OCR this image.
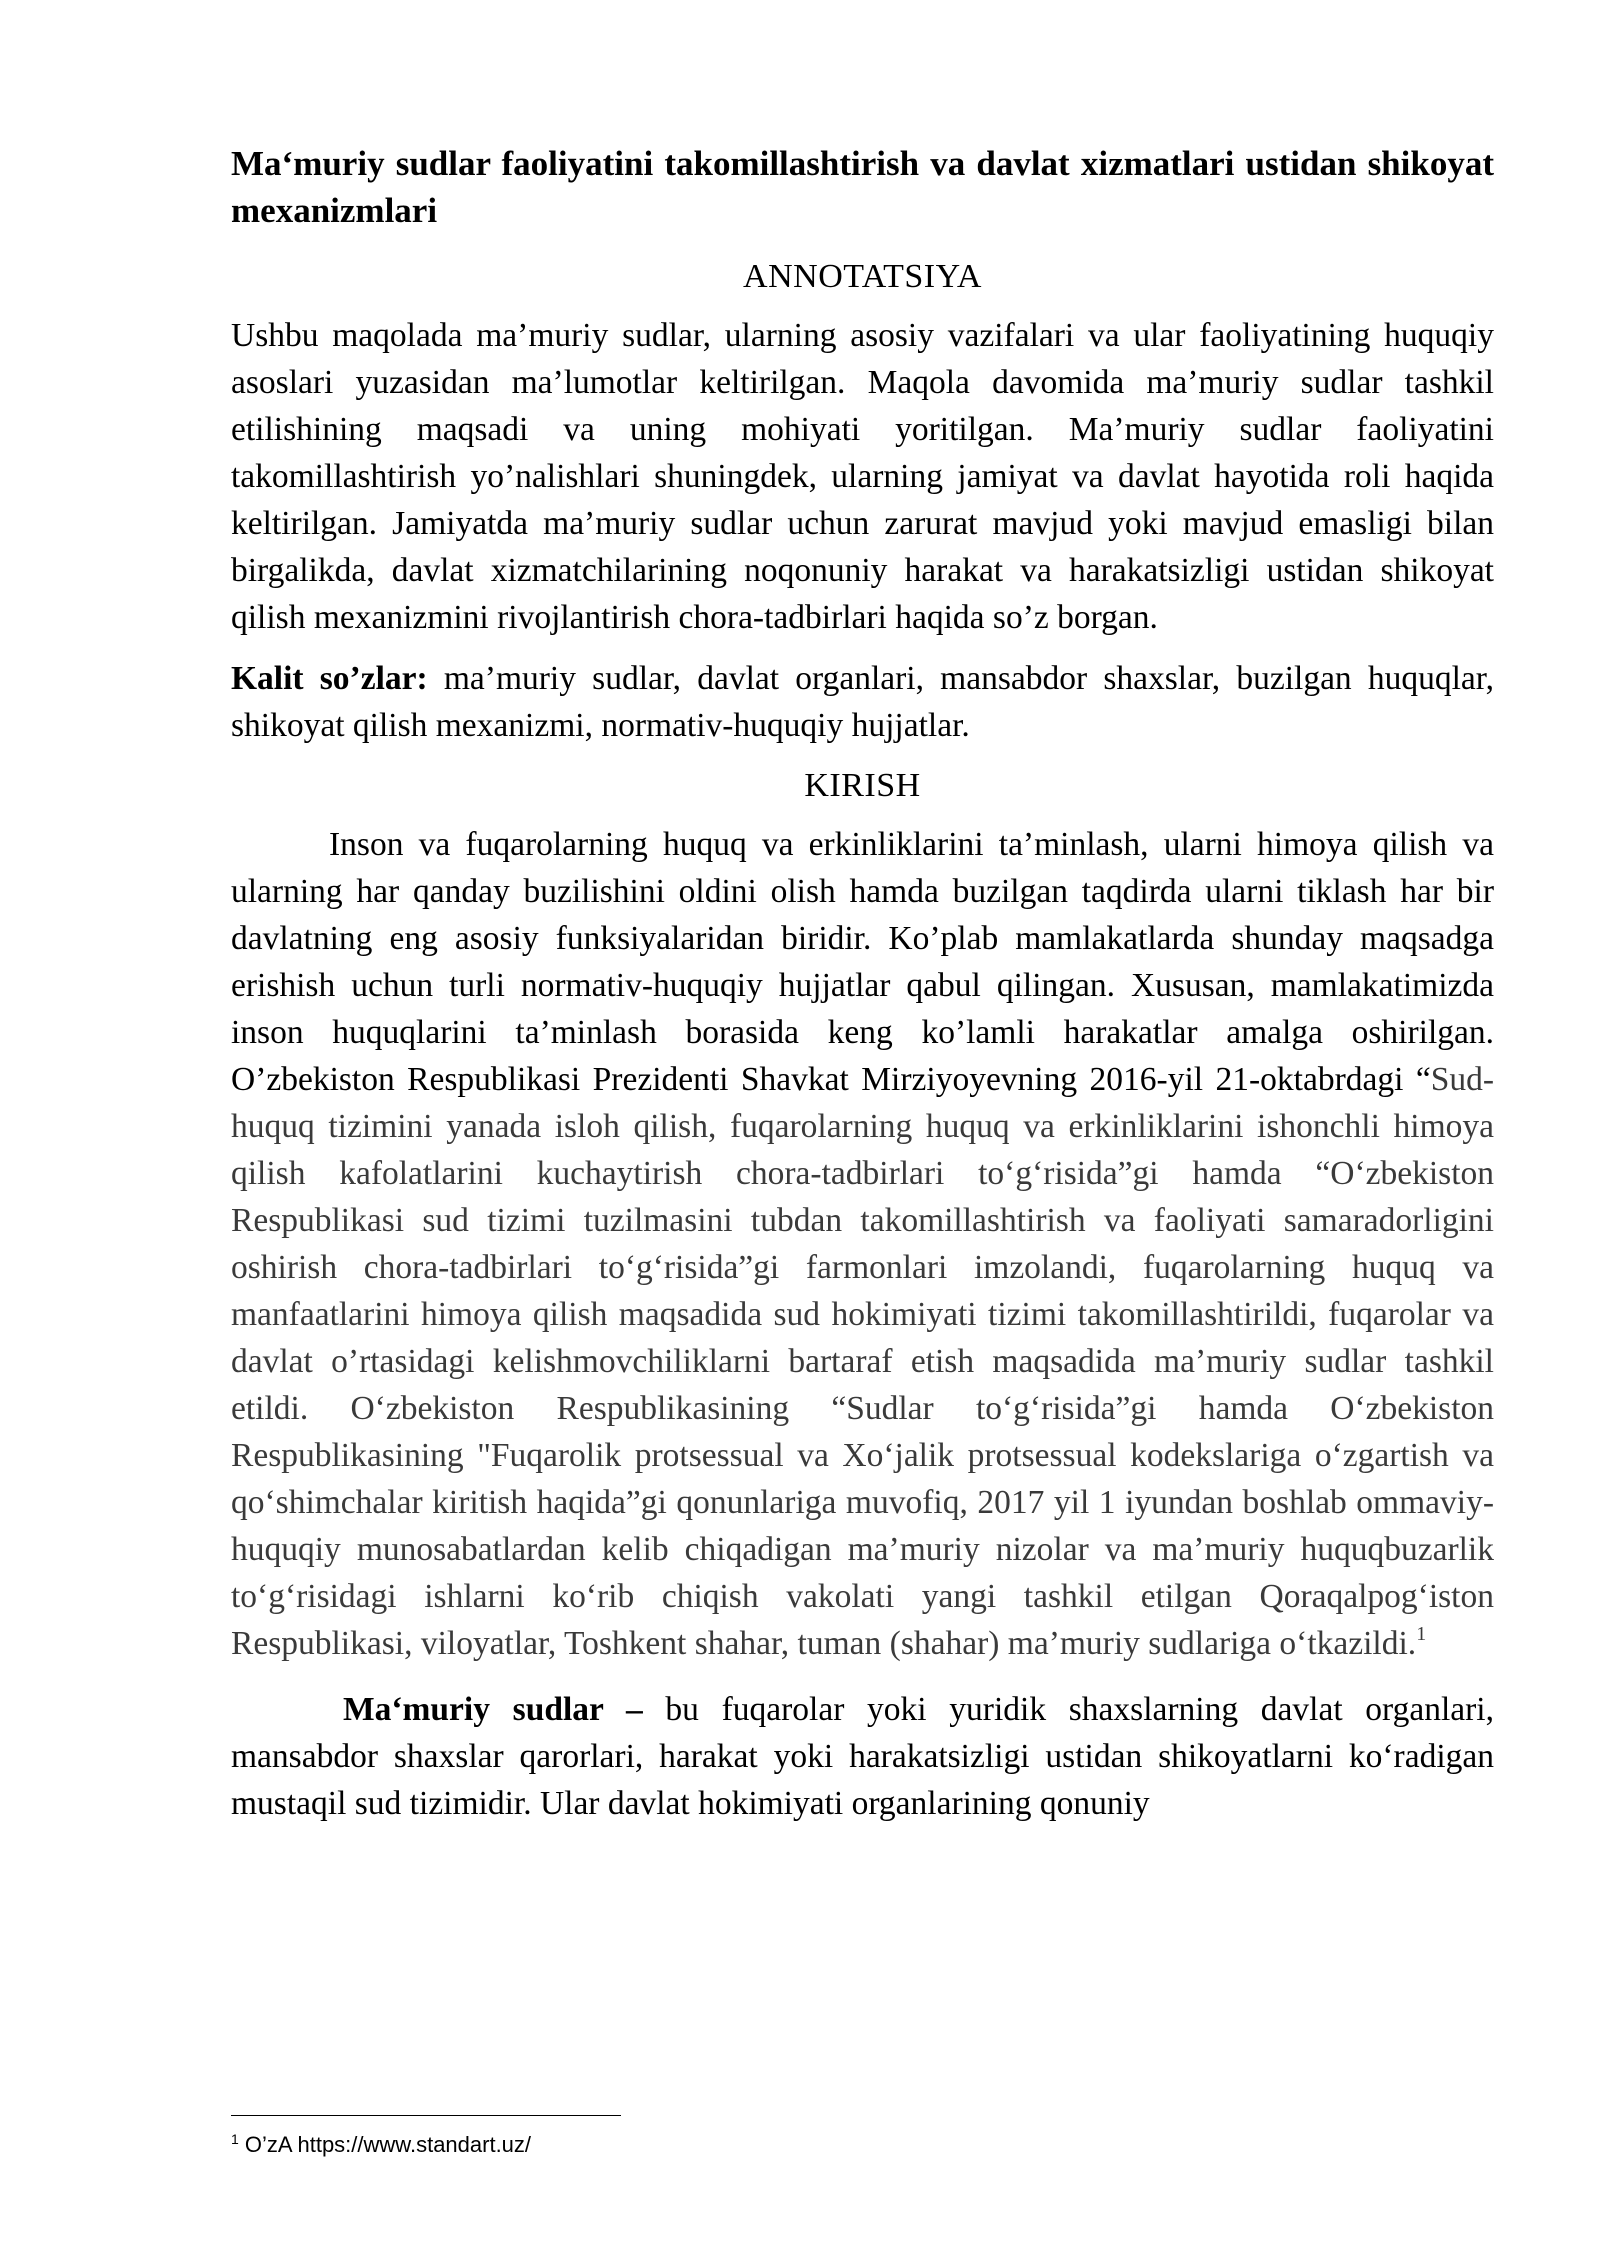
Ma‘muriy sudlar faoliyatini takomillashtirish va davlat xizmatlari ustidan shikoyat mexanizmlari
ANNOTATSIYA

Ushbu maqolada ma’muriy sudlar, ularning asosiy vazifalari va ular faoliyatining huquqiy asoslari yuzasidan ma’lumotlar keltirilgan. Maqola davomida ma’muriy sudlar tashkil etilishining maqsadi va uning mohiyati yoritilgan. Ma’muriy sudlar faoliyatini takomillashtirish yo’nalishlari shuningdek, ularning jamiyat va davlat hayotida roli haqida keltirilgan. Jamiyatda ma’muriy sudlar uchun zarurat mavjud yoki mavjud emasligi bilan birgalikda, davlat xizmatchilarining noqonuniy harakat va harakatsizligi ustidan shikoyat qilish mexanizmini rivojlantirish chora-tadbirlari haqida so’z borgan.

Kalit so’zlar: ma’muriy sudlar, davlat organlari, mansabdor shaxslar, buzilgan huquqlar, shikoyat qilish mexanizmi, normativ-huquqiy hujjatlar.

KIRISH

Inson va fuqarolarning huquq va erkinliklarini ta’minlash, ularni himoya qilish va ularning har qanday buzilishini oldini olish hamda buzilgan taqdirda ularni tiklash har bir davlatning eng asosiy funksiyalaridan biridir. Ko’plab mamlakatlarda shunday maqsadga erishish uchun turli normativ-huquqiy hujjatlar qabul qilingan. Xususan, mamlakatimizda inson huquqlarini ta’minlash borasida keng ko’lamli harakatlar amalga oshirilgan. O’zbekiston Respublikasi Prezidenti Shavkat Mirziyoyevning 2016-yil 21-oktabrdagi “Sud-huquq tizimini yanada isloh qilish, fuqarolarning huquq va erkinliklarini ishonchli himoya qilish kafolatlarini kuchaytirish chora-tadbirlari to‘g‘risida”gi hamda “O‘zbekiston Respublikasi sud tizimi tuzilmasini tubdan takomillashtirish va faoliyati samaradorligini oshirish chora-tadbirlari to‘g‘risida”gi farmonlari imzolandi, fuqarolarning huquq va manfaatlarini himoya qilish maqsadida sud hokimiyati tizimi takomillashtirildi, fuqarolar va davlat o’rtasidagi kelishmovchiliklarni bartaraf etish maqsadida ma’muriy sudlar tashkil etildi. O‘zbekiston Respublikasining “Sudlar to‘g‘risida”gi hamda O‘zbekiston Respublikasining "Fuqarolik protsessual va Xo‘jalik protsessual kodekslariga o‘zgartish va qo‘shimchalar kiritish haqida”gi qonunlariga muvofiq, 2017 yil 1 iyundan boshlab ommaviy-huquqiy munosabatlardan kelib chiqadigan ma’muriy nizolar va ma’muriy huquqbuzarlik to‘g‘risidagi ishlarni ko‘rib chiqish vakolati yangi tashkil etilgan Qoraqalpog‘iston Respublikasi, viloyatlar, Toshkent shahar, tuman (shahar) ma’muriy sudlariga o‘tkazildi.$^1$

Ma‘muriy sudlar – bu fuqarolar yoki yuridik shaxslarning davlat organlari, mansabdor shaxslar qarorlari, harakat yoki harakatsizligi ustidan shikoyatlarni ko‘radigan mustaqil sud tizimidir. Ular davlat hokimiyati organlarining qonuniy

$^1$ O’zA https://www.standart.uz/
